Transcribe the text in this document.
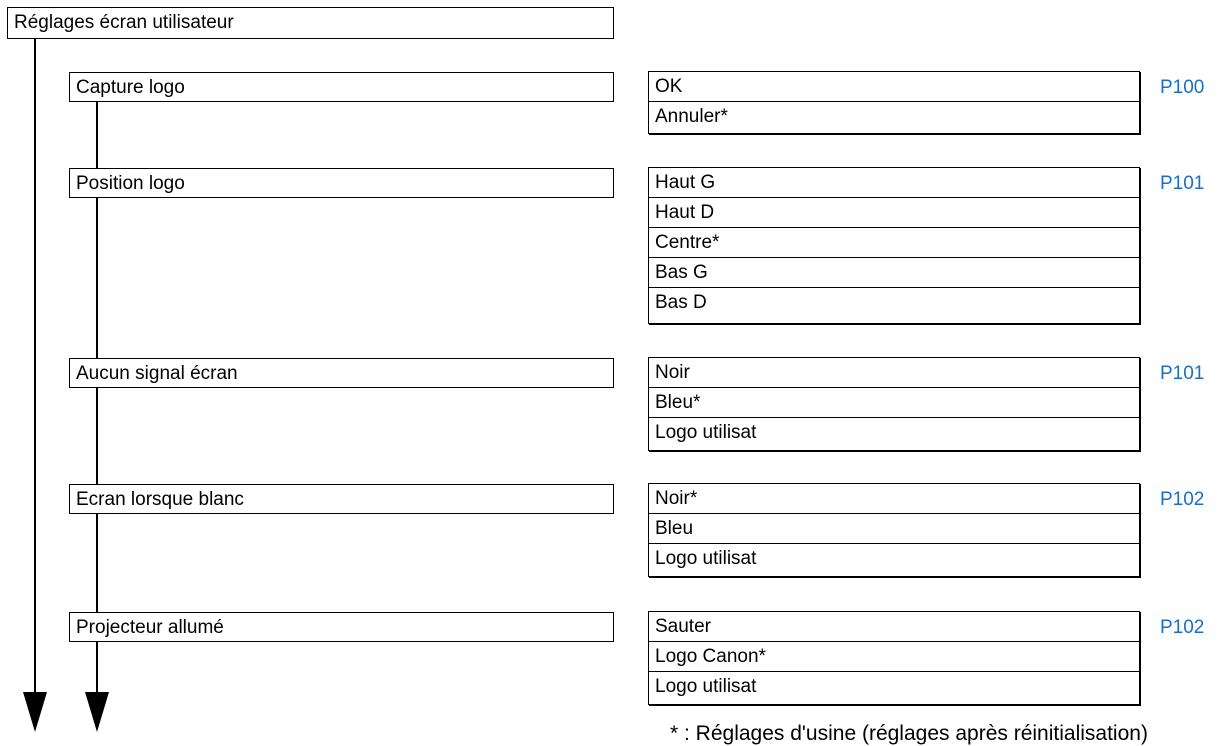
Réglages écran utilisateur
Capture logo	OK
Annuler*
P100
Position logo	Haut G
Haut D
Centre*
Bas G
Bas D
P101
Aucun signal écran	Noir
Bleu*
Logo utilisat
P101
Ecran lorsque blanc	Noir*
Bleu
Logo utilisat
P102
Projecteur allumé	Sauter
Logo Canon*
Logo utilisat
P102
* : Réglages d'usine (réglages après réinitialisation)
